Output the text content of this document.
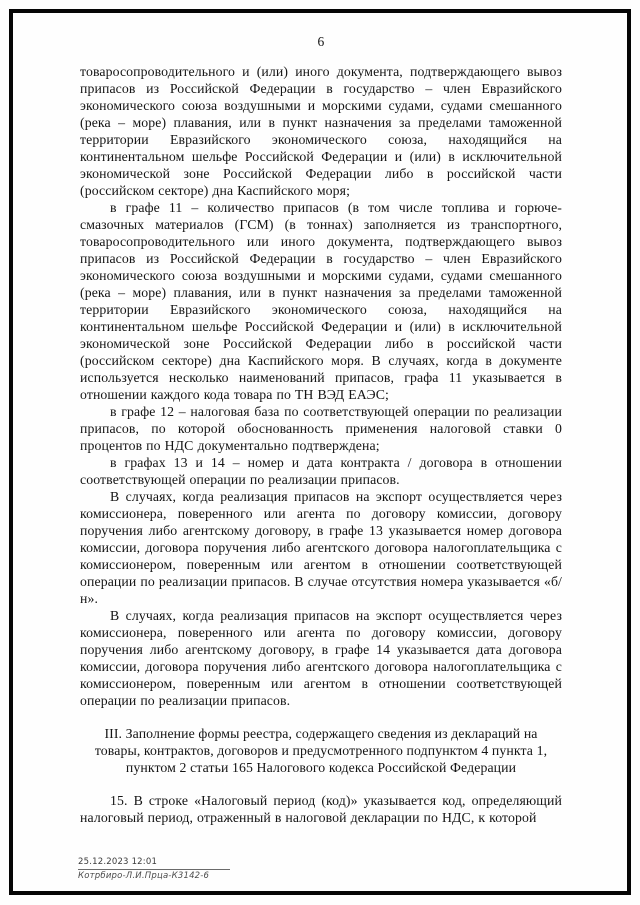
6

товаросопроводительного и (или) иного документа, подтверждающего вывоз припасов из Российской Федерации в государство – член Евразийского экономического союза воздушными и морскими судами, судами смешанного (река – море) плавания, или в пункт назначения за пределами таможенной территории Евразийского экономического союза, находящийся на континентальном шельфе Российской Федерации и (или) в исключительной экономической зоне Российской Федерации либо в российской части (российском секторе) дна Каспийского моря;

в графе 11 – количество припасов (в том числе топлива и горюче-смазочных материалов (ГСМ) (в тоннах) заполняется из транспортного, товаросопроводительного или иного документа, подтверждающего вывоз припасов из Российской Федерации в государство – член Евразийского экономического союза воздушными и морскими судами, судами смешанного (река – море) плавания, или в пункт назначения за пределами таможенной территории Евразийского экономического союза, находящийся на континентальном шельфе Российской Федерации и (или) в исключительной экономической зоне Российской Федерации либо в российской части (российском секторе) дна Каспийского моря. В случаях, когда в документе используется несколько наименований припасов, графа 11 указывается в отношении каждого кода товара по ТН ВЭД ЕАЭС;

в графе 12 – налоговая база по соответствующей операции по реализации припасов, по которой обоснованность применения налоговой ставки 0 процентов по НДС документально подтверждена;

в графах 13 и 14 – номер и дата контракта / договора в отношении соответствующей операции по реализации припасов.

В случаях, когда реализация припасов на экспорт осуществляется через комиссионера, поверенного или агента по договору комиссии, договору поручения либо агентскому договору, в графе 13 указывается номер договора комиссии, договора поручения либо агентского договора налогоплательщика с комиссионером, поверенным или агентом в отношении соответствующей операции по реализации припасов. В случае отсутствия номера указывается «б/н».

В случаях, когда реализация припасов на экспорт осуществляется через комиссионера, поверенного или агента по договору комиссии, договору поручения либо агентскому договору, в графе 14 указывается дата договора комиссии, договора поручения либо агентского договора налогоплательщика с комиссионером, поверенным или агентом в отношении соответствующей операции по реализации припасов.

III. Заполнение формы реестра, содержащего сведения из деклараций на товары, контрактов, договоров и предусмотренного подпунктом 4 пункта 1, пунктом 2 статьи 165 Налогового кодекса Российской Федерации

15. В строке «Налоговый период (код)» указывается код, определяющий налоговый период, отраженный в налоговой декларации по НДС, к которой

25.12.2023 12:01
Котрбиро-Л.И.Прца-К3142-6
